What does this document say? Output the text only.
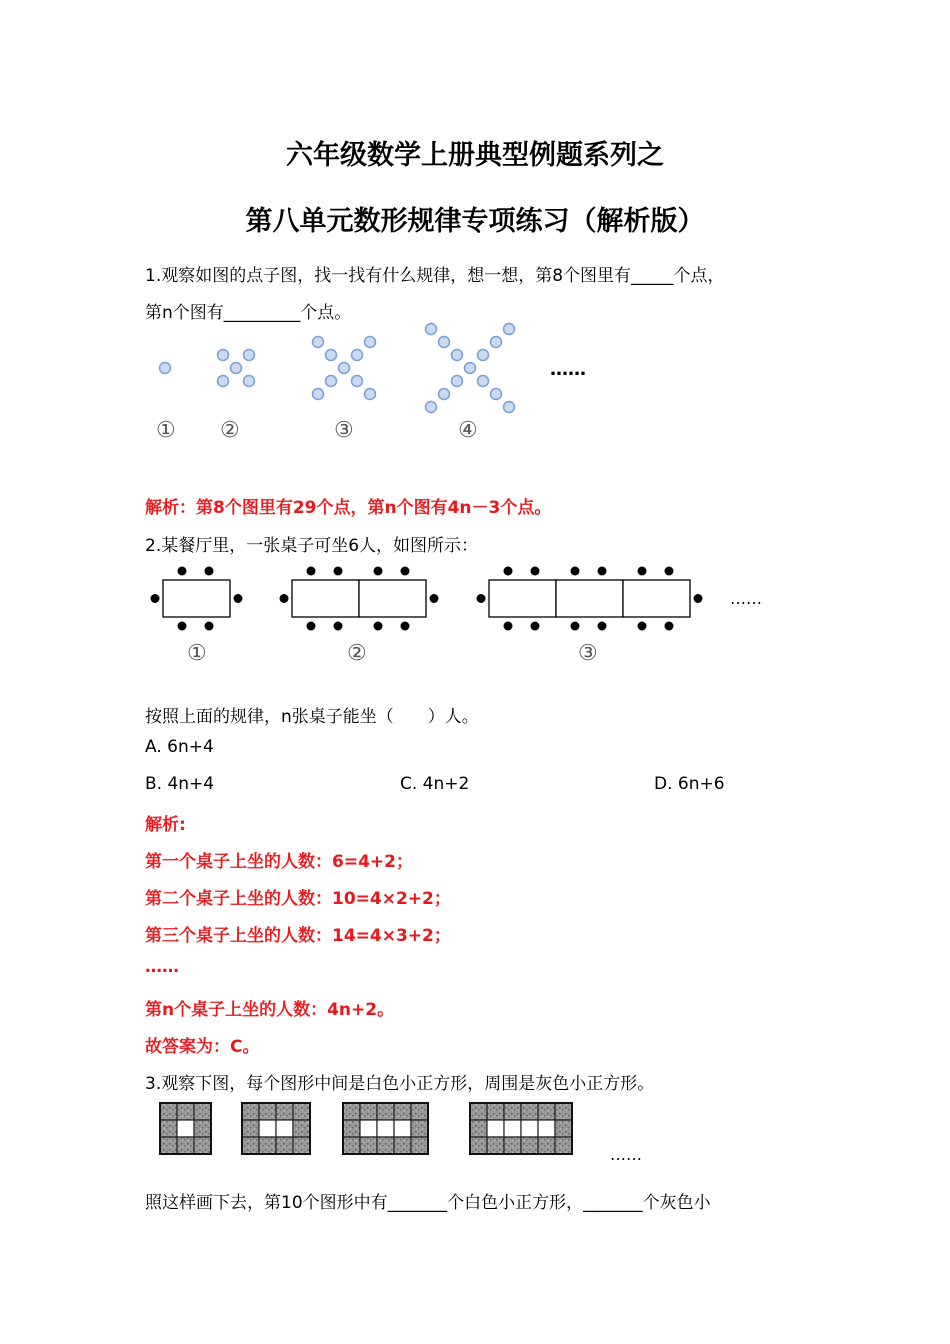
六年级数学上册典型例题系列之
第八单元数形规律专项练习（解析版）
1.观察如图的点子图，找一找有什么规律，想一想，第8个图里有_____个点，
第n个图有_________个点。
① ②	③	④
……
解析：第8个图里有29个点，第n个图有4n－3个点。
2.某餐厅里，一张桌子可坐6人，如图所示：
①	②	③
……
按照上面的规律，n张桌子能坐（　　）人。
A. 6n+4
B. 4n+4	C. 4n+2	D. 6n+6
解析:
第一个桌子上坐的人数：6=4+2；
第二个桌子上坐的人数：10=4×2+2；
第三个桌子上坐的人数：14=4×3+2；
……
第n个桌子上坐的人数：4n+2。
故答案为：C。
3.观察下图，每个图形中间是白色小正方形，周围是灰色小正方形。
……
照这样画下去，第10个图形中有_______个白色小正方形，_______个灰色小
